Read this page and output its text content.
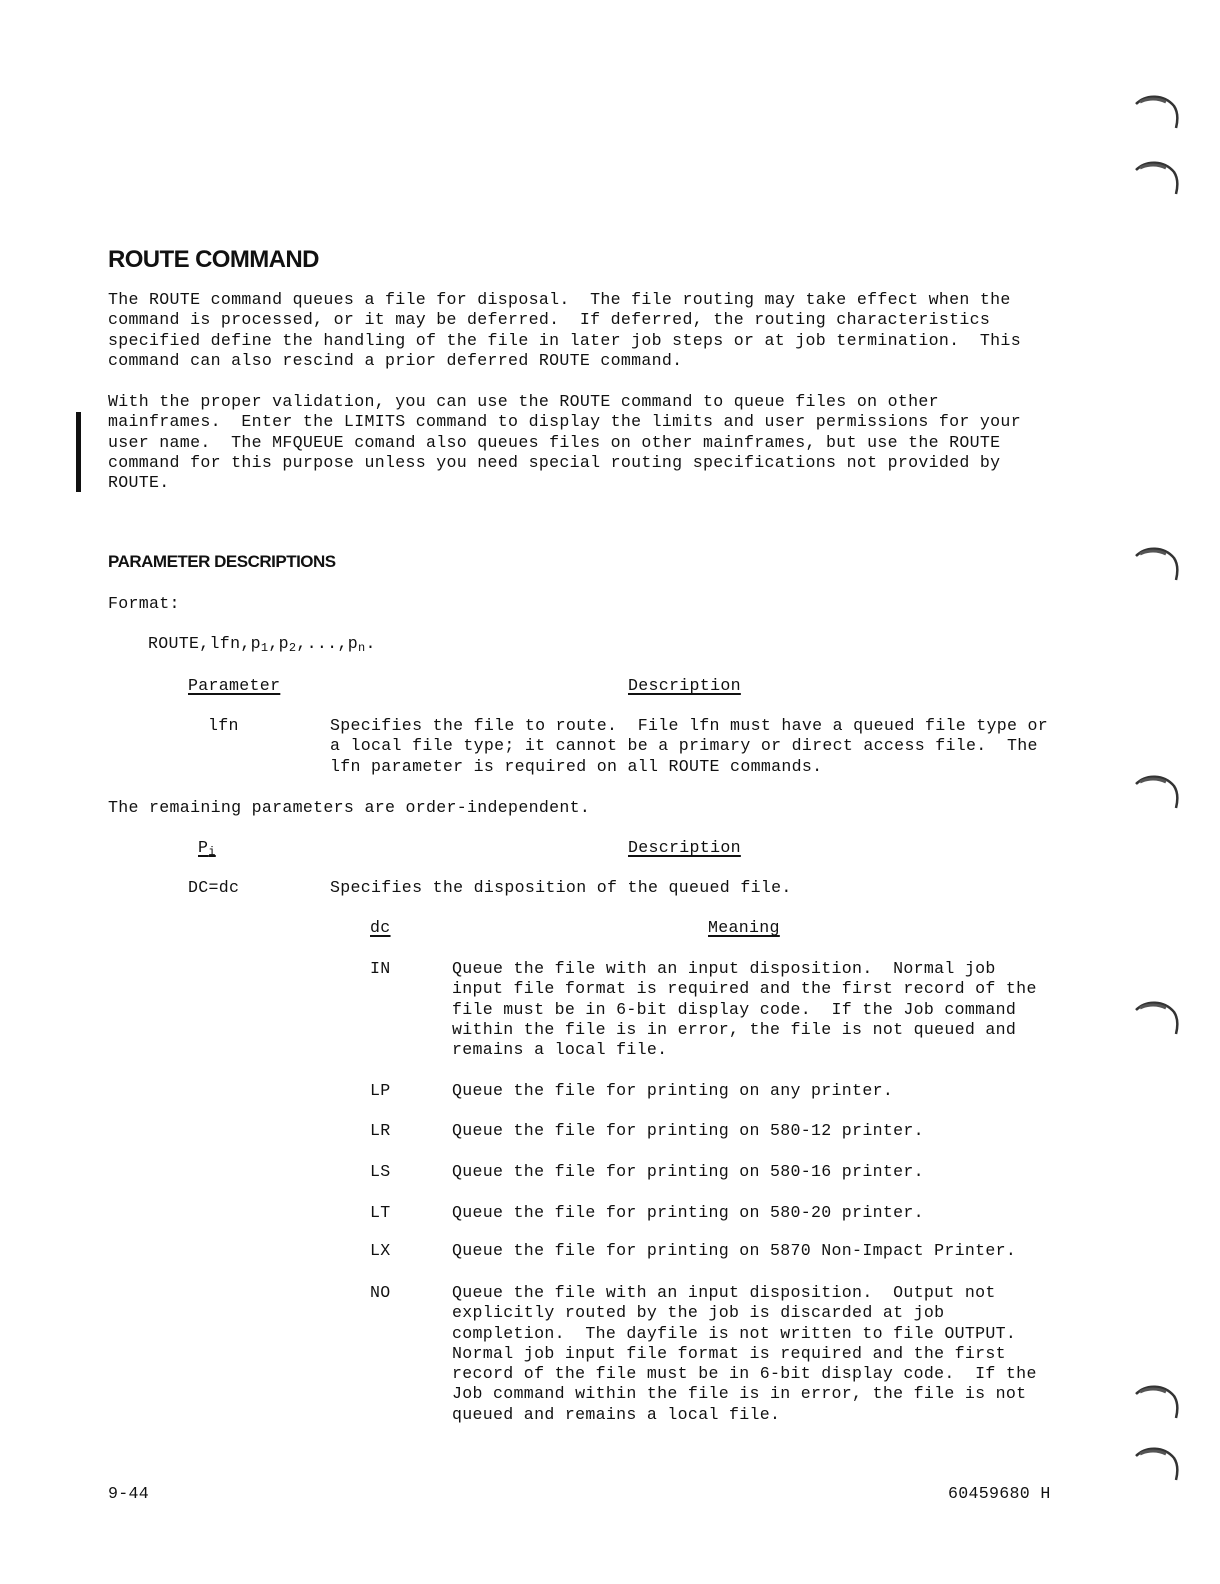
ROUTE COMMAND

The ROUTE command queues a file for disposal.  The file routing may take effect when the
command is processed, or it may be deferred.  If deferred, the routing characteristics
specified define the handling of the file in later job steps or at job termination.  This
command can also rescind a prior deferred ROUTE command.

With the proper validation, you can use the ROUTE command to queue files on other
mainframes.  Enter the LIMITS command to display the limits and user permissions for your
user name.  The MFQUEUE comand also queues files on other mainframes, but use the ROUTE
command for this purpose unless you need special routing specifications not provided by
ROUTE.

PARAMETER DESCRIPTIONS
Format:
$ROUTE,lfn,p_1,p_2,...,p_n$.
Parameter	Description
lfn	Specifies the file to route.  File lfn must have a queued file type or
a local file type; it cannot be a primary or direct access file.  The
lfn parameter is required on all ROUTE commands.
The remaining parameters are order-independent.
$P_i$	Description
DC=dc	Specifies the disposition of the queued file.
dc	Meaning
IN	Queue the file with an input disposition.  Normal job
input file format is required and the first record of the
file must be in 6-bit display code.  If the Job command
within the file is in error, the file is not queued and
remains a local file.
LP	Queue the file for printing on any printer.
LR	Queue the file for printing on 580-12 printer.
LS	Queue the file for printing on 580-16 printer.
LT	Queue the file for printing on 580-20 printer.
LX	Queue the file for printing on 5870 Non-Impact Printer.
NO	Queue the file with an input disposition.  Output not
explicitly routed by the job is discarded at job
completion.  The dayfile is not written to file OUTPUT.
Normal job input file format is required and the first
record of the file must be in 6-bit display code.  If the
Job command within the file is in error, the file is not
queued and remains a local file.
9-44	60459680 H
